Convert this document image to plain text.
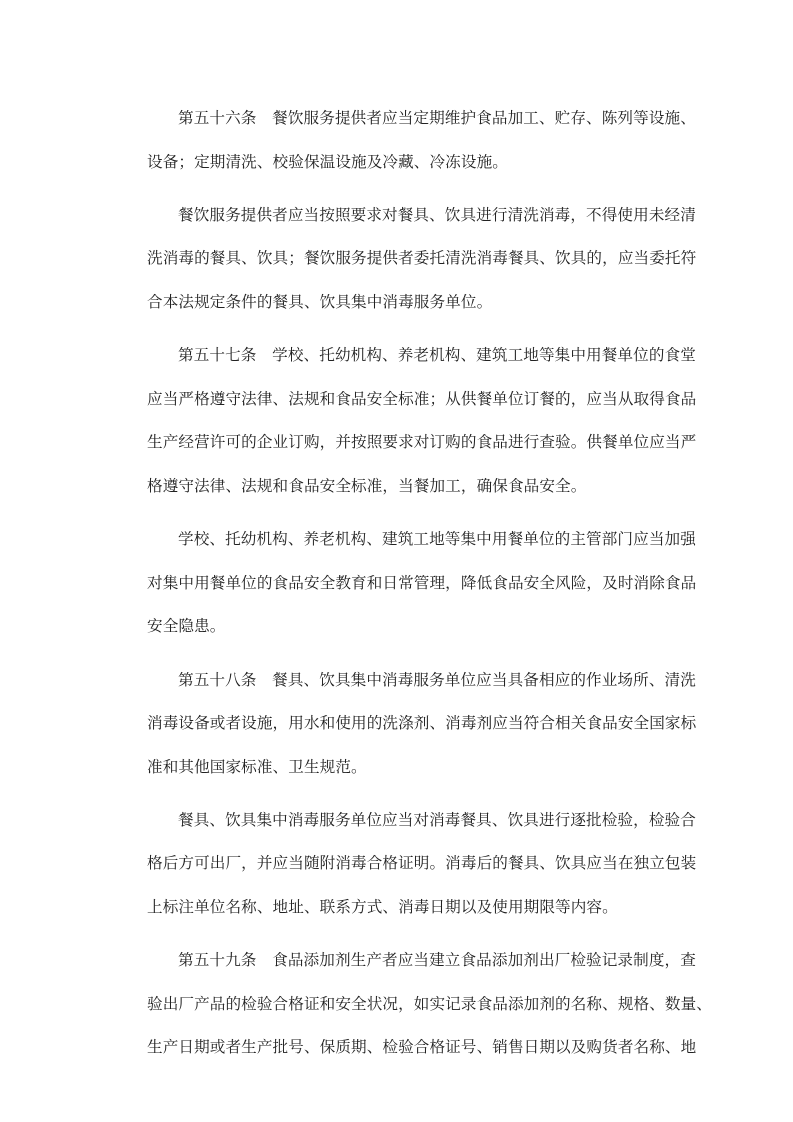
第五十六条　餐饮服务提供者应当定期维护食品加工、贮存、陈列等设施、
设备；定期清洗、校验保温设施及冷藏、冷冻设施。
餐饮服务提供者应当按照要求对餐具、饮具进行清洗消毒，不得使用未经清
洗消毒的餐具、饮具；餐饮服务提供者委托清洗消毒餐具、饮具的，应当委托符
合本法规定条件的餐具、饮具集中消毒服务单位。
第五十七条　学校、托幼机构、养老机构、建筑工地等集中用餐单位的食堂
应当严格遵守法律、法规和食品安全标准；从供餐单位订餐的，应当从取得食品
生产经营许可的企业订购，并按照要求对订购的食品进行查验。供餐单位应当严
格遵守法律、法规和食品安全标准，当餐加工，确保食品安全。
学校、托幼机构、养老机构、建筑工地等集中用餐单位的主管部门应当加强
对集中用餐单位的食品安全教育和日常管理，降低食品安全风险，及时消除食品
安全隐患。
第五十八条　餐具、饮具集中消毒服务单位应当具备相应的作业场所、清洗
消毒设备或者设施，用水和使用的洗涤剂、消毒剂应当符合相关食品安全国家标
准和其他国家标准、卫生规范。
餐具、饮具集中消毒服务单位应当对消毒餐具、饮具进行逐批检验，检验合
格后方可出厂，并应当随附消毒合格证明。消毒后的餐具、饮具应当在独立包装
上标注单位名称、地址、联系方式、消毒日期以及使用期限等内容。
第五十九条　食品添加剂生产者应当建立食品添加剂出厂检验记录制度，查
验出厂产品的检验合格证和安全状况，如实记录食品添加剂的名称、规格、数量、
生产日期或者生产批号、保质期、检验合格证号、销售日期以及购货者名称、地
